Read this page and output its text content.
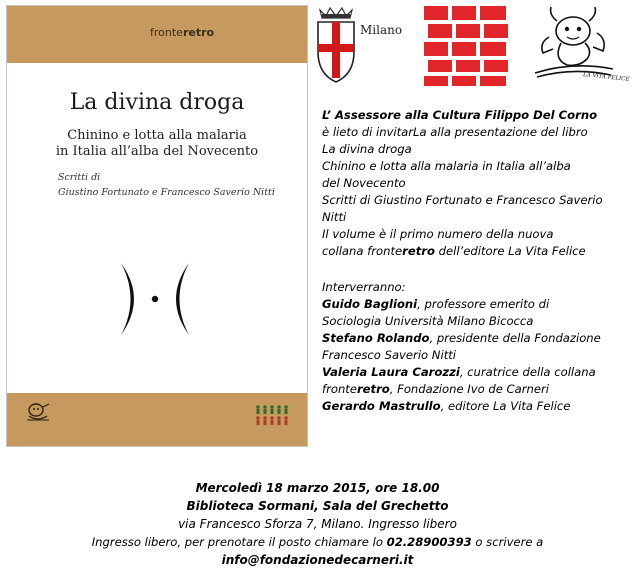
fronteretro
La divina droga
Chinino e lotta alla malaria
in Italia all’alba del Novecento
Scritti di
Giustino Fortunato e Francesco Saverio Nitti
Milano
LA VITA FELICE

L’ Assessore alla Cultura Filippo Del Corno

è lieto di invitarLa alla presentazione del libro

La divina droga

Chinino e lotta alla malaria in Italia all’alba

del Novecento

Scritti di Giustino Fortunato e Francesco Saverio

Nitti

Il volume è il primo numero della nuova

collana fronteretro dell’editore La Vita Felice

Interverranno:

Guido Baglioni, professore emerito di

Sociologia Università Milano Bicocca

Stefano Rolando, presidente della Fondazione

Francesco Saverio Nitti

Valeria Laura Carozzi, curatrice della collana

fronteretro, Fondazione Ivo de Carneri

Gerardo Mastrullo, editore La Vita Felice

Mercoledì 18 marzo 2015, ore 18.00
Biblioteca Sormani, Sala del Grechetto
via Francesco Sforza 7, Milano. Ingresso libero
Ingresso libero, per prenotare il posto chiamare lo 02.28900393 o scrivere a
info@fondazionedecarneri.it
